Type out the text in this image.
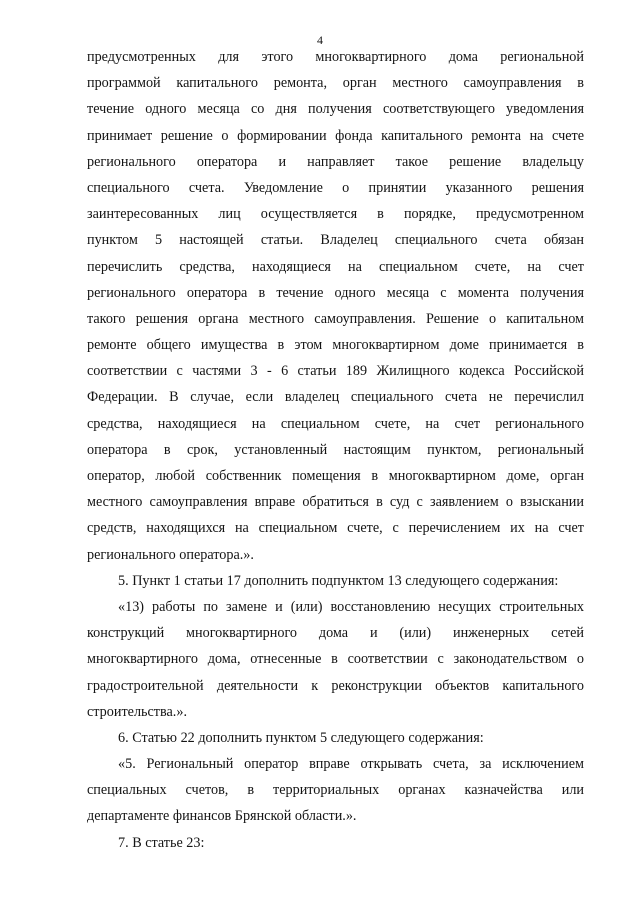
4
предусмотренных для этого многоквартирного дома региональной
программой капитального ремонта, орган местного самоуправления в
течение одного месяца со дня получения соответствующего уведомления
принимает решение о формировании фонда капитального ремонта на счете
регионального оператора и направляет такое решение владельцу
специального счета. Уведомление о принятии указанного решения
заинтересованных лиц осуществляется в порядке, предусмотренном
пунктом 5 настоящей статьи. Владелец специального счета обязан
перечислить средства, находящиеся на специальном счете, на счет
регионального оператора в течение одного месяца с момента получения
такого решения органа местного самоуправления. Решение о капитальном
ремонте общего имущества в этом многоквартирном доме принимается в
соответствии с частями 3 - 6 статьи 189 Жилищного кодекса Российской
Федерации. В случае, если владелец специального счета не перечислил
средства, находящиеся на специальном счете, на счет регионального
оператора в срок, установленный настоящим пунктом, региональный
оператор, любой собственник помещения в многоквартирном доме, орган
местного самоуправления вправе обратиться в суд с заявлением о взыскании
средств, находящихся на специальном счете, с перечислением их на счет
регионального оператора.».
5. Пункт 1 статьи 17 дополнить подпунктом 13 следующего содержания:
«13) работы по замене и (или) восстановлению несущих строительных
конструкций многоквартирного дома и (или) инженерных сетей
многоквартирного дома, отнесенные в соответствии с законодательством о
градостроительной деятельности к реконструкции объектов капитального
строительства.».
6. Статью 22 дополнить пунктом 5 следующего содержания:
«5. Региональный оператор вправе открывать счета, за исключением
специальных счетов, в территориальных органах казначейства или
департаменте финансов Брянской области.».
7. В статье 23:
